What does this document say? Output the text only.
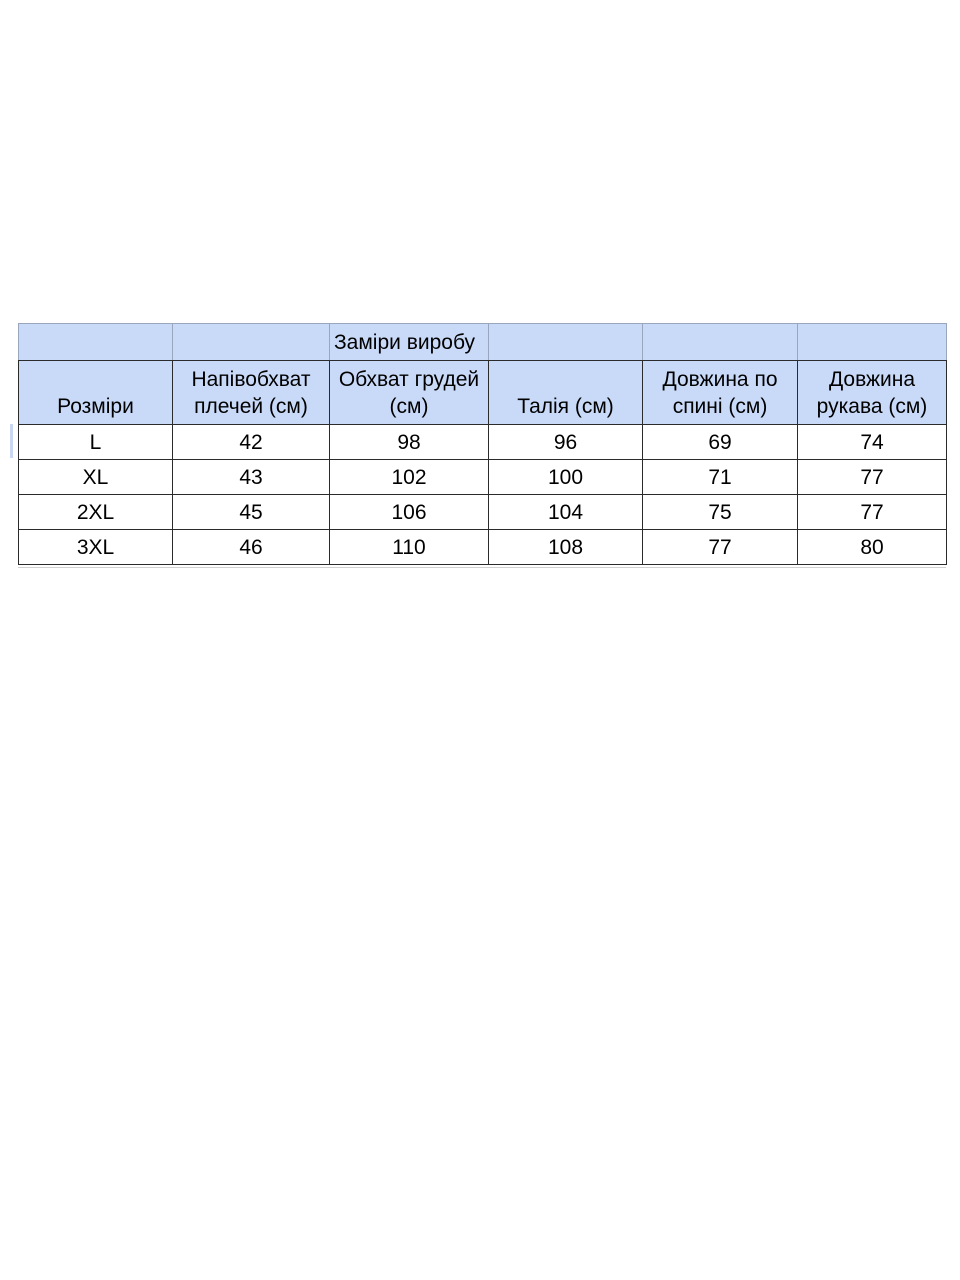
		Заміри виробу			
Розміри	Напівобхват плечей (см)	Обхват грудей (см)	Талія (см)	Довжина по спині (см)	Довжина рукава (см)
L	42	98	96	69	74
XL	43	102	100	71	77
2XL	45	106	104	75	77
3XL	46	110	108	77	80
